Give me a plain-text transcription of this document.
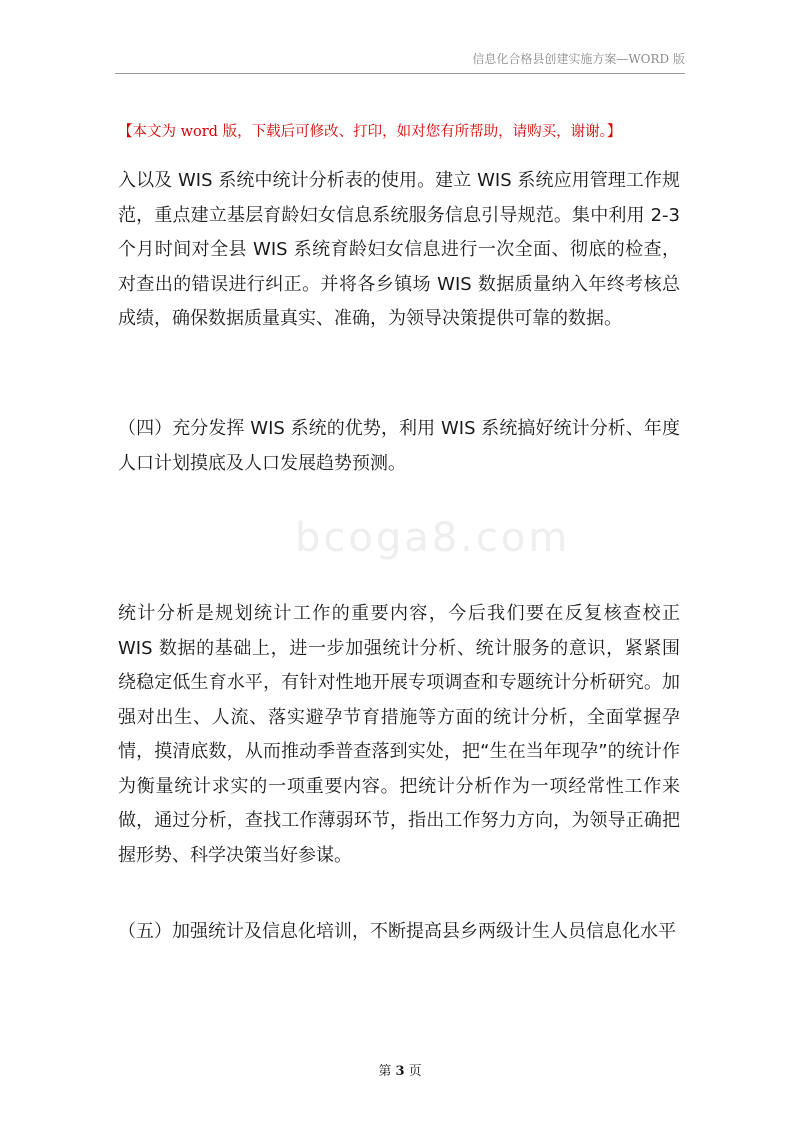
信息化合格县创建实施方案—WORD 版
【本文为 word 版，下载后可修改、打印，如对您有所帮助，请购买，谢谢。】
bcoga8.com

入以及 WIS 系统中统计分析表的使用。建立 WIS 系统应用管理工作规范，重点建立基层育龄妇女信息系统服务信息引导规范。集中利用 2-3 个月时间对全县 WIS 系统育龄妇女信息进行一次全面、彻底的检查，对查出的错误进行纠正。并将各乡镇场 WIS 数据质量纳入年终考核总成绩，确保数据质量真实、准确，为领导决策提供可靠的数据。

（四）充分发挥 WIS 系统的优势，利用 WIS 系统搞好统计分析、年度人口计划摸底及人口发展趋势预测。

统计分析是规划统计工作的重要内容，今后我们要在反复核查校正 WIS 数据的基础上，进一步加强统计分析、统计服务的意识，紧紧围绕稳定低生育水平，有针对性地开展专项调查和专题统计分析研究。加强对出生、人流、落实避孕节育措施等方面的统计分析，全面掌握孕情，摸清底数，从而推动季普查落到实处，把“生在当年现孕”的统计作为衡量统计求实的一项重要内容。把统计分析作为一项经常性工作来做，通过分析，查找工作薄弱环节，指出工作努力方向，为领导正确把握形势、科学决策当好参谋。

（五）加强统计及信息化培训，不断提高县乡两级计生人员信息化水平

第 3 页
